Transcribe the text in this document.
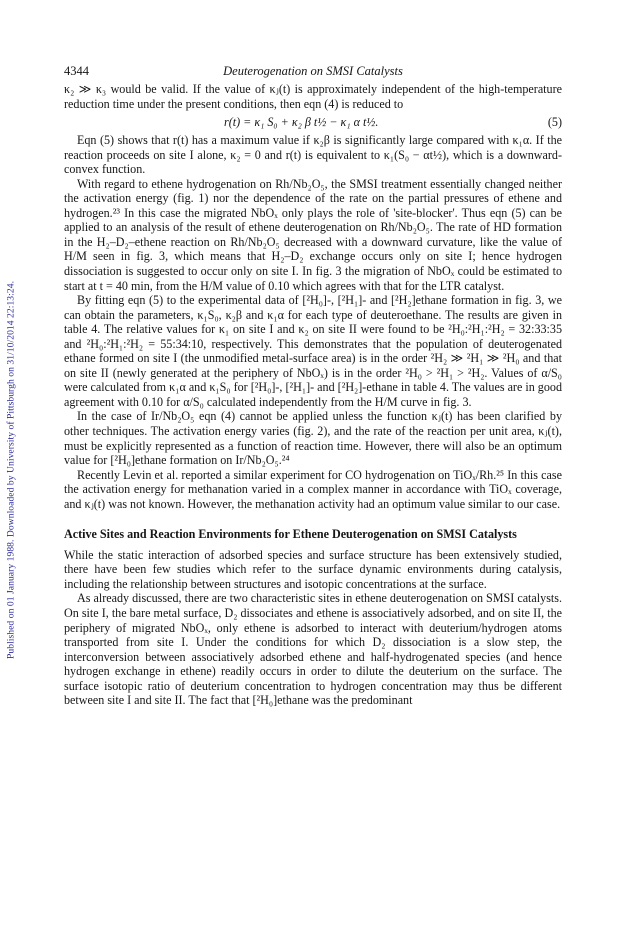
Published on 01 January 1988. Downloaded by University of Pittsburgh on 31/10/2014 22:13:24.
4344	Deuterogenation on SMSI Catalysts

κ₂ ≫ κ₃ would be valid. If the value of κⱼ(t) is approximately independent of the high-temperature reduction time under the present conditions, then eqn (4) is reduced to

r(t) = κ₁ S₀ + κ₂ β t½ − κ₁ α t½.	(5)

Eqn (5) shows that r(t) has a maximum value if κ₂β is significantly large compared with κ₁α. If the reaction proceeds on site I alone, κ₂ = 0 and r(t) is equivalent to κ₁(S₀ − αt½), which is a downward-convex function.

With regard to ethene hydrogenation on Rh/Nb₂O₅, the SMSI treatment essentially changed neither the activation energy (fig. 1) nor the dependence of the rate on the partial pressures of ethene and hydrogen.²³ In this case the migrated NbOₓ only plays the role of 'site-blocker'. Thus eqn (5) can be applied to an analysis of the result of ethene deuterogenation on Rh/Nb₂O₅. The rate of HD formation in the H₂–D₂–ethene reaction on Rh/Nb₂O₅ decreased with a downward curvature, like the value of H/M seen in fig. 3, which means that H₂–D₂ exchange occurs only on site I; hence hydrogen dissociation is suggested to occur only on site I. In fig. 3 the migration of NbOₓ could be estimated to start at t = 40 min, from the H/M value of 0.10 which agrees with that for the LTR catalyst.

By fitting eqn (5) to the experimental data of [²H₀]-, [²H₁]- and [²H₂]ethane formation in fig. 3, we can obtain the parameters, κ₁S₀, κ₂β and κ₁α for each type of deuteroethane. The results are given in table 4. The relative values for κ₁ on site I and κ₂ on site II were found to be ²H₀:²H₁:²H₂ = 32:33:35 and ²H₀:²H₁:²H₂ = 55:34:10, respectively. This demonstrates that the population of deuterogenated ethane formed on site I (the unmodified metal-surface area) is in the order ²H₂ ≫ ²H₁ ≫ ²H₀ and that on site II (newly generated at the periphery of NbOₓ) is in the order ²H₀ > ²H₁ > ²H₂. Values of α/S₀ were calculated from κ₁α and κ₁S₀ for [²H₀]-, [²H₁]- and [²H₂]-ethane in table 4. The values are in good agreement with 0.10 for α/S₀ calculated independently from the H/M curve in fig. 3.

In the case of Ir/Nb₂O₅ eqn (4) cannot be applied unless the function κⱼ(t) has been clarified by other techniques. The activation energy varies (fig. 2), and the rate of the reaction per unit area, κⱼ(t), must be explicitly represented as a function of reaction time. However, there will also be an optimum value for [²H₀]ethane formation on Ir/Nb₂O₅.²⁴

Recently Levin et al. reported a similar experiment for CO hydrogenation on TiOₓ/Rh.²⁵ In this case the activation energy for methanation varied in a complex manner in accordance with TiOₓ coverage, and κⱼ(t) was not known. However, the methanation activity had an optimum value similar to our case.

Active Sites and Reaction Environments for Ethene Deuterogenation on SMSI Catalysts

While the static interaction of adsorbed species and surface structure has been extensively studied, there have been few studies which refer to the surface dynamic environments during catalysis, including the relationship between structures and isotopic concentrations at the surface.

As already discussed, there are two characteristic sites in ethene deuterogenation on SMSI catalysts. On site I, the bare metal surface, D₂ dissociates and ethene is associatively adsorbed, and on site II, the periphery of migrated NbOₓ, only ethene is adsorbed to interact with deuterium/hydrogen atoms transported from site I. Under the conditions for which D₂ dissociation is a slow step, the interconversion between associatively adsorbed ethene and half-hydrogenated species (and hence hydrogen exchange in ethene) readily occurs in order to dilute the deuterium on the surface. The surface isotopic ratio of deuterium concentration to hydrogen concentration may thus be different between site I and site II. The fact that [²H₀]ethane was the predominant
